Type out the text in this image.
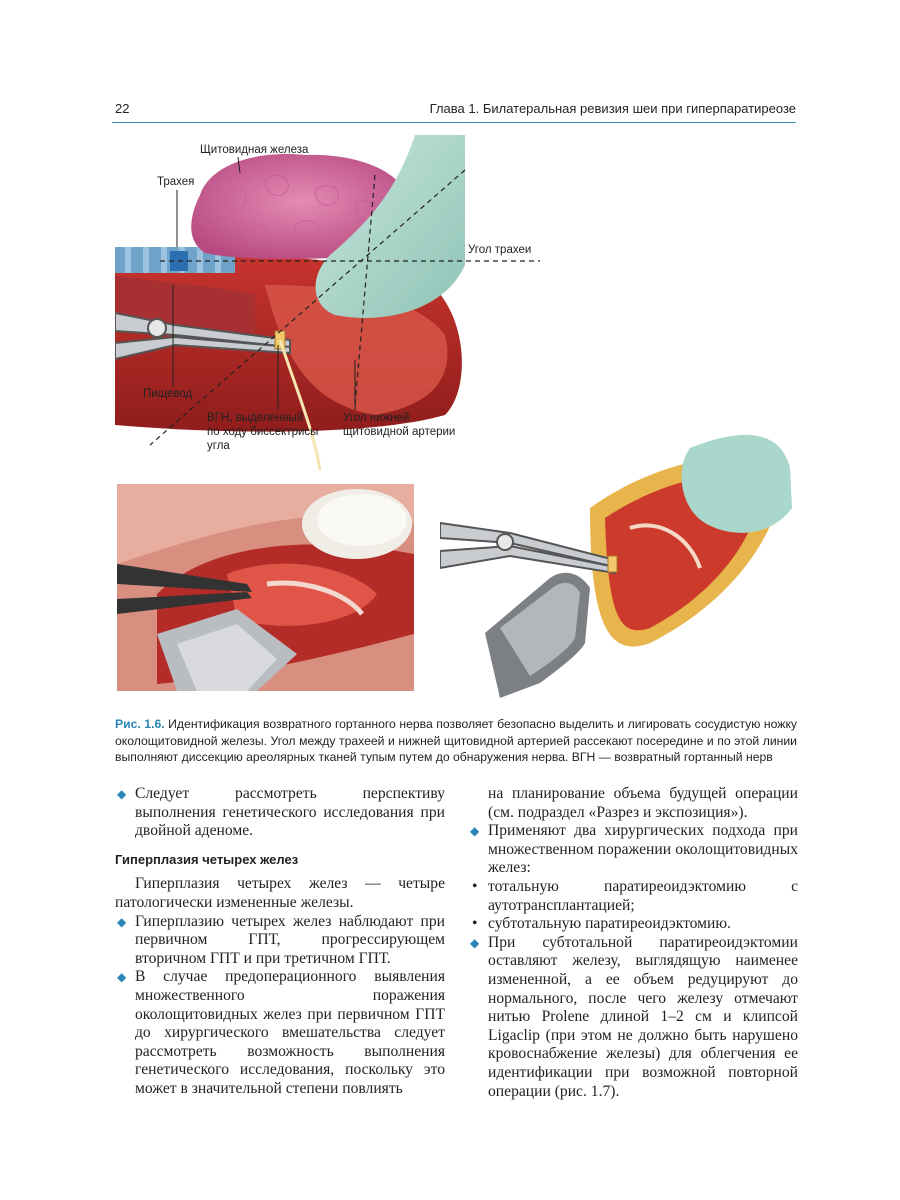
22	Глава 1. Билатеральная ревизия шеи при гиперпаратиреозе
Щитовидная железа
Трахея
Угол трахеи
Пищевод
ВГН, выделенный
по ходу биссектрисы
угла
Угол нижней
щитовидной артерии
Рис. 1.6. Идентификация возвратного гортанного нерва позволяет безопасно выделить и лигировать сосудистую ножку околощитовидной железы. Угол между трахеей и нижней щитовидной артерией рассекают посередине и по этой линии выполняют диссекцию ареолярных тканей тупым путем до обнаружения нерва. ВГН — возвратный гортанный нерв

◆ Следует рассмотреть перспективу выполнения генетического исследования при двойной аденоме.

Гиперплазия четырех желез

Гиперплазия четырех желез — четыре патологически измененные железы.

◆ Гиперплазию четырех желез наблюдают при первичном ГПТ, прогрессирующем вторичном ГПТ и при третичном ГПТ.

◆ В случае предоперационного выявления множественного поражения околощитовидных желез при первичном ГПТ до хирургического вмешательства следует рассмотреть возможность выполнения генетического исследования, поскольку это может в значительной степени повлиять

на планирование объема будущей операции (см. подраздел «Разрез и экспозиция»).

◆ Применяют два хирургических подхода при множественном поражении околощитовидных желез:

• тотальную паратиреоидэктомию с аутотрансплантацией;

• субтотальную паратиреоидэктомию.

◆ При субтотальной паратиреоидэктомии оставляют железу, выглядящую наименее измененной, а ее объем редуцируют до нормального, после чего железу отмечают нитью Prolene длиной 1–2 см и клипсой Ligaclip (при этом не должно быть нарушено кровоснабжение железы) для облегчения ее идентификации при возможной повторной операции (рис. 1.7).
